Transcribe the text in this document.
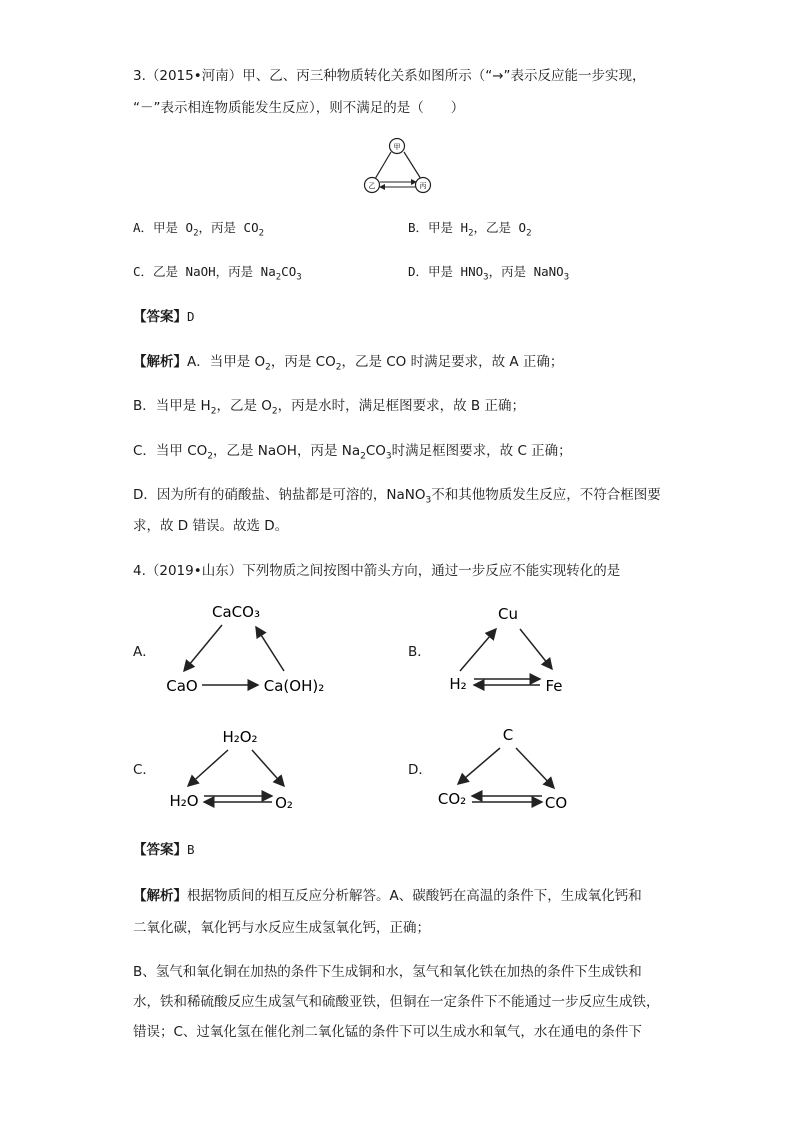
3.（2015•河南）甲、乙、丙三种物质转化关系如图所示（“→”表示反应能一步实现，
“－”表示相连物质能发生反应），则不满足的是（　　）
甲
乙	丙
A．甲是 $O_2$，丙是 $CO_2$	B．甲是 $H_2$，乙是 $O_2$
C．乙是 NaOH，丙是 $Na_2CO_3$	D．甲是 $HNO_3$，丙是 NaNO$_3$
【答案】D
【解析】A．当甲是 $O_2$，丙是 $CO_2$，乙是 CO 时满足要求，故 A 正确；
B．当甲是 $H_2$，乙是 $O_2$，丙是水时，满足框图要求，故 B 正确；
C．当甲 $CO_2$，乙是 NaOH，丙是 $Na_2CO_3$时满足框图要求，故 C 正确；
D．因为所有的硝酸盐、钠盐都是可溶的，NaNO$_3$不和其他物质发生反应，不符合框图要
求，故 D 错误。故选 D。
4.（2019•山东）下列物质之间按图中箭头方向，通过一步反应不能实现转化的是
A．
CaCO₃
CaO	Ca(OH)₂
B．
Cu
H₂	Fe
C．
H₂O₂
H₂O	O₂
D．
C
CO₂	CO
【答案】B
【解析】根据物质间的相互反应分析解答。A、碳酸钙在高温的条件下，生成氧化钙和
二氧化碳，氧化钙与水反应生成氢氧化钙，正确；
B、氢气和氧化铜在加热的条件下生成铜和水，氢气和氧化铁在加热的条件下生成铁和
水，铁和稀硫酸反应生成氢气和硫酸亚铁，但铜在一定条件下不能通过一步反应生成铁，
错误；C、过氧化氢在催化剂二氧化锰的条件下可以生成水和氧气，水在通电的条件下
